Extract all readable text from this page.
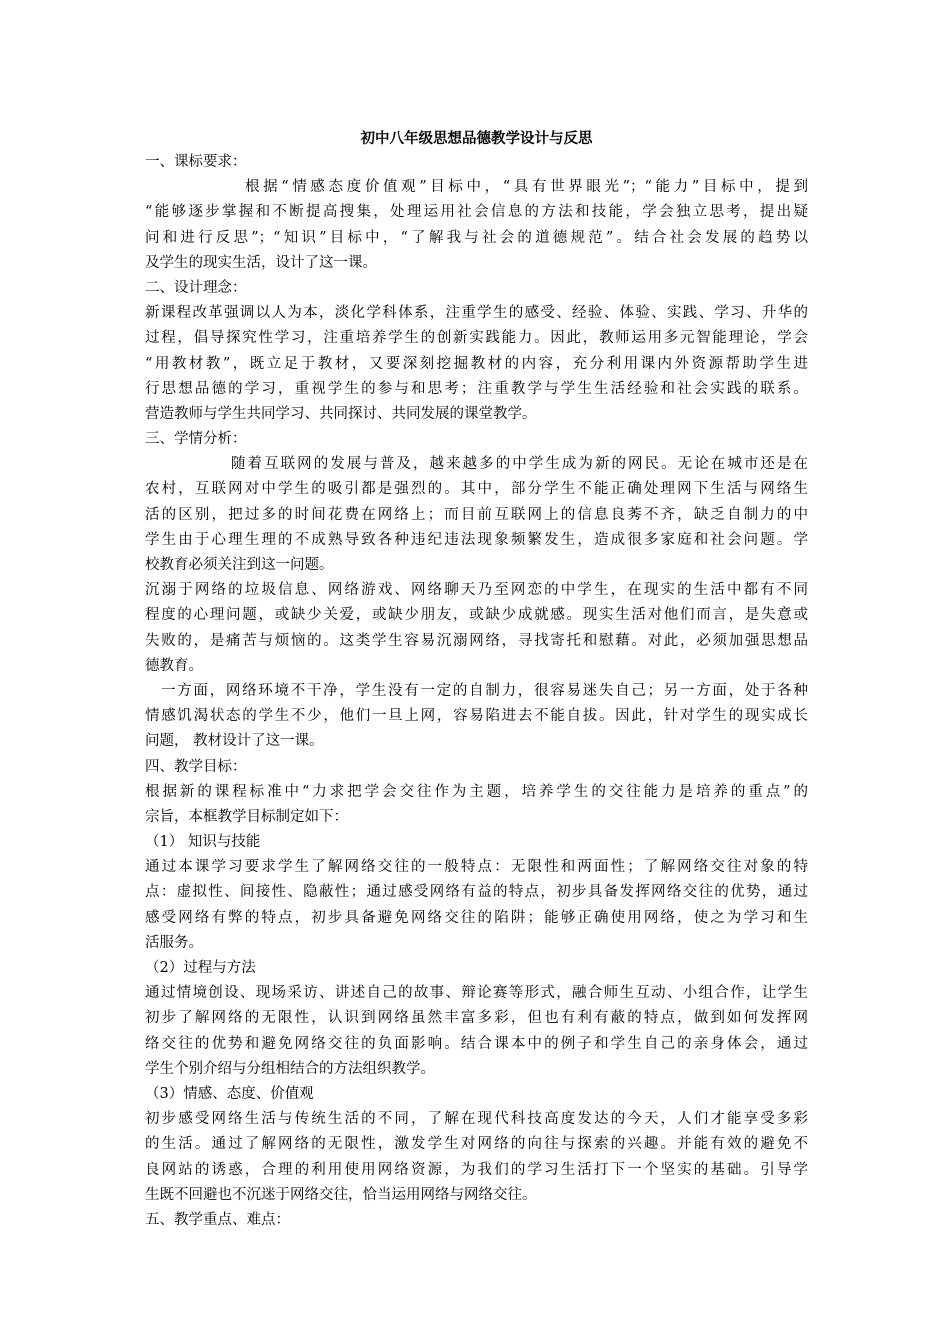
初中八年级思想品德教学设计与反思
一、课标要求：
根据“情感态度价值观”目标中，“具有世界眼光”；“能力”目标中，提到
“能够逐步掌握和不断提高搜集，处理运用社会信息的方法和技能，学会独立思考，提出疑
问和进行反思”；“知识”目标中，“了解我与社会的道德规范”。结合社会发展的趋势以
及学生的现实生活，设计了这一课。
二、设计理念：
新课程改革强调以人为本，淡化学科体系，注重学生的感受、经验、体验、实践、学习、升华的
过程，倡导探究性学习，注重培养学生的创新实践能力。因此，教师运用多元智能理论，学会
“用教材教”，既立足于教材，又要深刻挖掘教材的内容，充分利用课内外资源帮助学生进
行思想品德的学习，重视学生的参与和思考；注重教学与学生生活经验和社会实践的联系。
营造教师与学生共同学习、共同探讨、共同发展的课堂教学。
三、学情分析：
随着互联网的发展与普及，越来越多的中学生成为新的网民。无论在城市还是在
农村，互联网对中学生的吸引都是强烈的。其中，部分学生不能正确处理网下生活与网络生
活的区别，把过多的时间花费在网络上；而目前互联网上的信息良莠不齐，缺乏自制力的中
学生由于心理生理的不成熟导致各种违纪违法现象频繁发生，造成很多家庭和社会问题。学
校教育必须关注到这一问题。
沉溺于网络的垃圾信息、网络游戏、网络聊天乃至网恋的中学生，在现实的生活中都有不同
程度的心理问题，或缺少关爱，或缺少朋友，或缺少成就感。现实生活对他们而言，是失意或
失败的，是痛苦与烦恼的。这类学生容易沉溺网络，寻找寄托和慰藉。对此，必须加强思想品
德教育。
一方面，网络环境不干净，学生没有一定的自制力，很容易迷失自己；另一方面，处于各种
情感饥渴状态的学生不少，他们一旦上网，容易陷进去不能自拔。因此，针对学生的现实成长
问题， 教材设计了这一课。
四、教学目标：
根据新的课程标准中“力求把学会交往作为主题，培养学生的交往能力是培养的重点”的
宗旨，本框教学目标制定如下：
（1） 知识与技能
通过本课学习要求学生了解网络交往的一般特点：无限性和两面性；了解网络交往对象的特
点：虚拟性、间接性、隐蔽性；通过感受网络有益的特点，初步具备发挥网络交往的优势，通过
感受网络有弊的特点，初步具备避免网络交往的陷阱；能够正确使用网络，使之为学习和生
活服务。
（2）过程与方法
通过情境创设、现场采访、讲述自己的故事、辩论赛等形式，融合师生互动、小组合作，让学生
初步了解网络的无限性，认识到网络虽然丰富多彩，但也有利有蔽的特点，做到如何发挥网
络交往的优势和避免网络交往的负面影响。结合课本中的例子和学生自己的亲身体会，通过
学生个别介绍与分组相结合的方法组织教学。
（3）情感、态度、价值观
初步感受网络生活与传统生活的不同，了解在现代科技高度发达的今天，人们才能享受多彩
的生活。通过了解网络的无限性，激发学生对网络的向往与探索的兴趣。并能有效的避免不
良网站的诱惑，合理的利用使用网络资源，为我们的学习生活打下一个坚实的基础。引导学
生既不回避也不沉迷于网络交往，恰当运用网络与网络交往。
五、教学重点、难点：
